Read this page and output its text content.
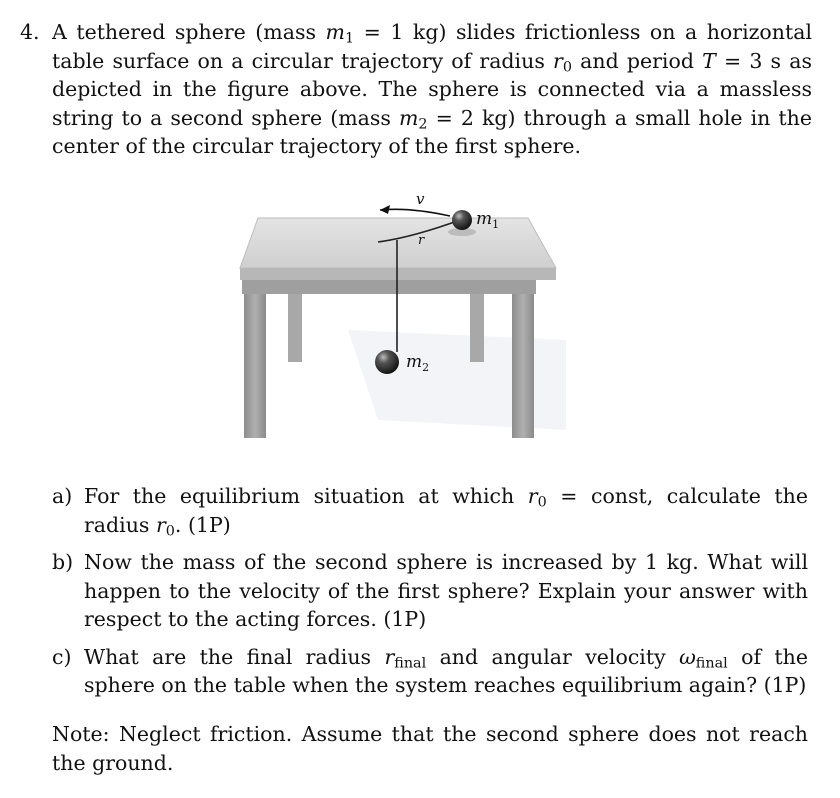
4. A tethered sphere (mass $m_1 = 1$ kg) slides frictionless on a horizontal table surface on a circular trajectory of radius $r_0$ and period T = 3 s as depicted in the figure above. The sphere is connected via a massless string to a second sphere (mass $m_2 = 2$ kg) through a small hole in the center of the circular trajectory of the first sphere.
v
r
$m_1$
$m_2$
a) For the equilibrium situation at which $r_0$ = const, calculate the radius $r_0$. (1P)
b) Now the mass of the second sphere is increased by 1 kg. What will happen to the velocity of the first sphere? Explain your answer with respect to the acting forces. (1P)
c) What are the final radius $r_{final}$ and angular velocity $\omega_{final}$ of the sphere on the table when the system reaches equilibrium again? (1P)
Note: Neglect friction. Assume that the second sphere does not reach the ground.
